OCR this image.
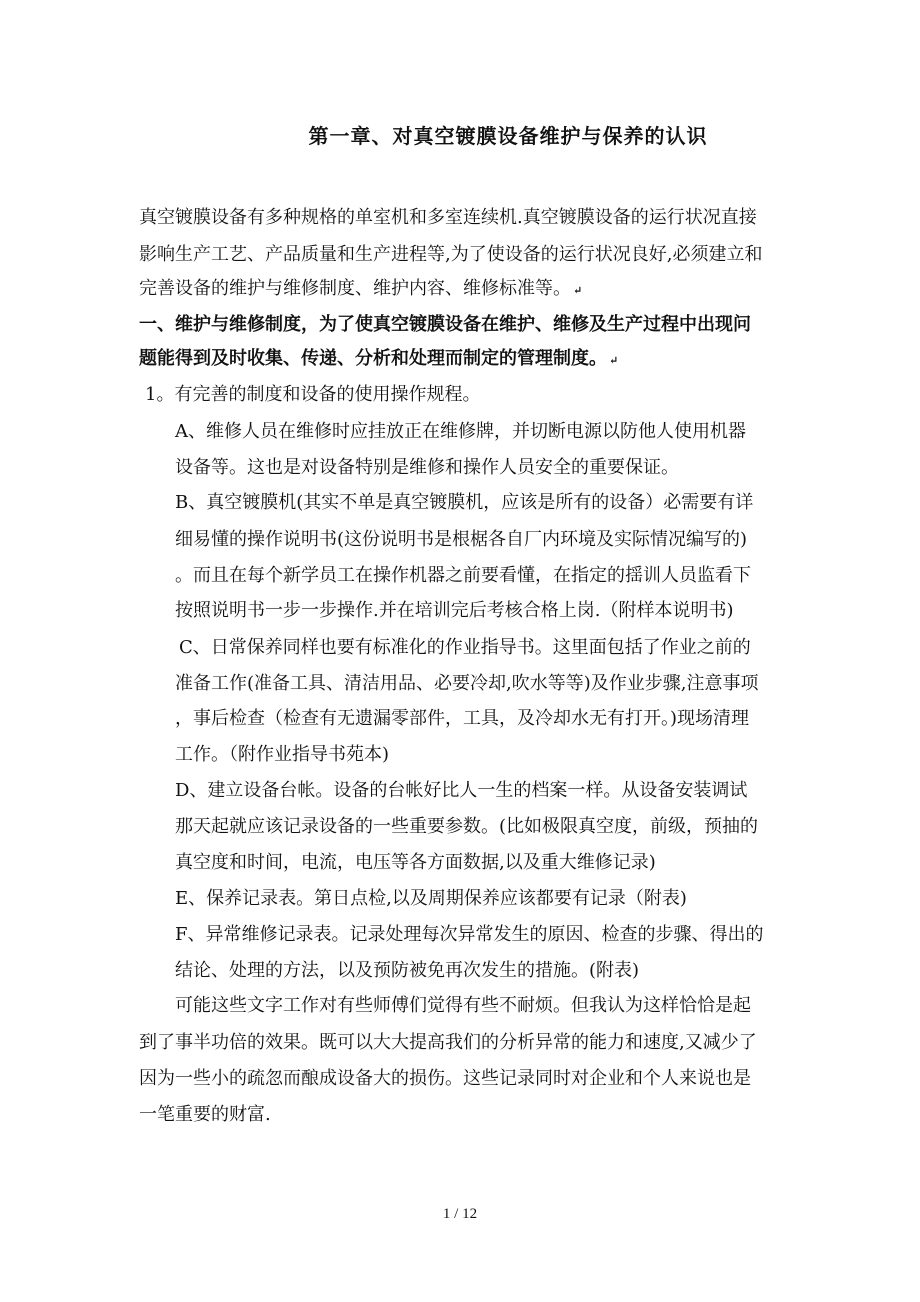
第一章、对真空镀膜设备维护与保养的认识
真空镀膜设备有多种规格的单室机和多室连续机.真空镀膜设备的运行状况直接
影响生产工艺、产品质量和生产进程等,为了使设备的运行状况良好,必须建立和
完善设备的维护与维修制度、维护内容、维修标准等。 ↵
一、维护与维修制度，为了使真空镀膜设备在维护、维修及生产过程中出现问
题能得到及时收集、传递、分析和处理而制定的管理制度。 ↵
1。有完善的制度和设备的使用操作规程。
A、维修人员在维修时应挂放正在维修牌，并切断电源以防他人使用机器
设备等。这也是对设备特别是维修和操作人员安全的重要保证。
B、真空镀膜机(其实不单是真空镀膜机，应该是所有的设备）必需要有详
细易懂的操作说明书(这份说明书是根椐各自厂内环境及实际情况编写的)
。而且在每个新学员工在操作机器之前要看懂，在指定的揺训人员监看下
按照说明书一步一步操作.并在培训完后考核合格上岗.（附样本说明书)
C、日常保养同样也要有标准化的作业指导书。这里面包括了作业之前的
准备工作(准备工具、清洁用品、必要冷却,吹水等等)及作业步骤,注意事项
，事后检查（检查有无遗漏零部件，工具，及冷却水无有打开。)现场清理
工作。（附作业指导书苑本)
D、建立设备台帐。设备的台帐好比人一生的档案一样。从设备安装调试
那天起就应该记录设备的一些重要参数。(比如极限真空度，前级，预抽的
真空度和时间，电流，电压等各方面数据,以及重大维修记录)
E、保养记录表。第日点检,以及周期保养应该都要有记录（附表)
F、异常维修记录表。记录处理每次异常发生的原因、检查的步骤、得出的
结论、处理的方法，以及预防被免再次发生的措施。(附表)
可能这些文字工作对有些师傅们觉得有些不耐烦。但我认为这样恰恰是起
到了事半功倍的效果。既可以大大提高我们的分析异常的能力和速度,又减少了
因为一些小的疏忽而酿成设备大的损伤。这些记录同时对企业和个人来说也是
一笔重要的财富.
1 / 12
